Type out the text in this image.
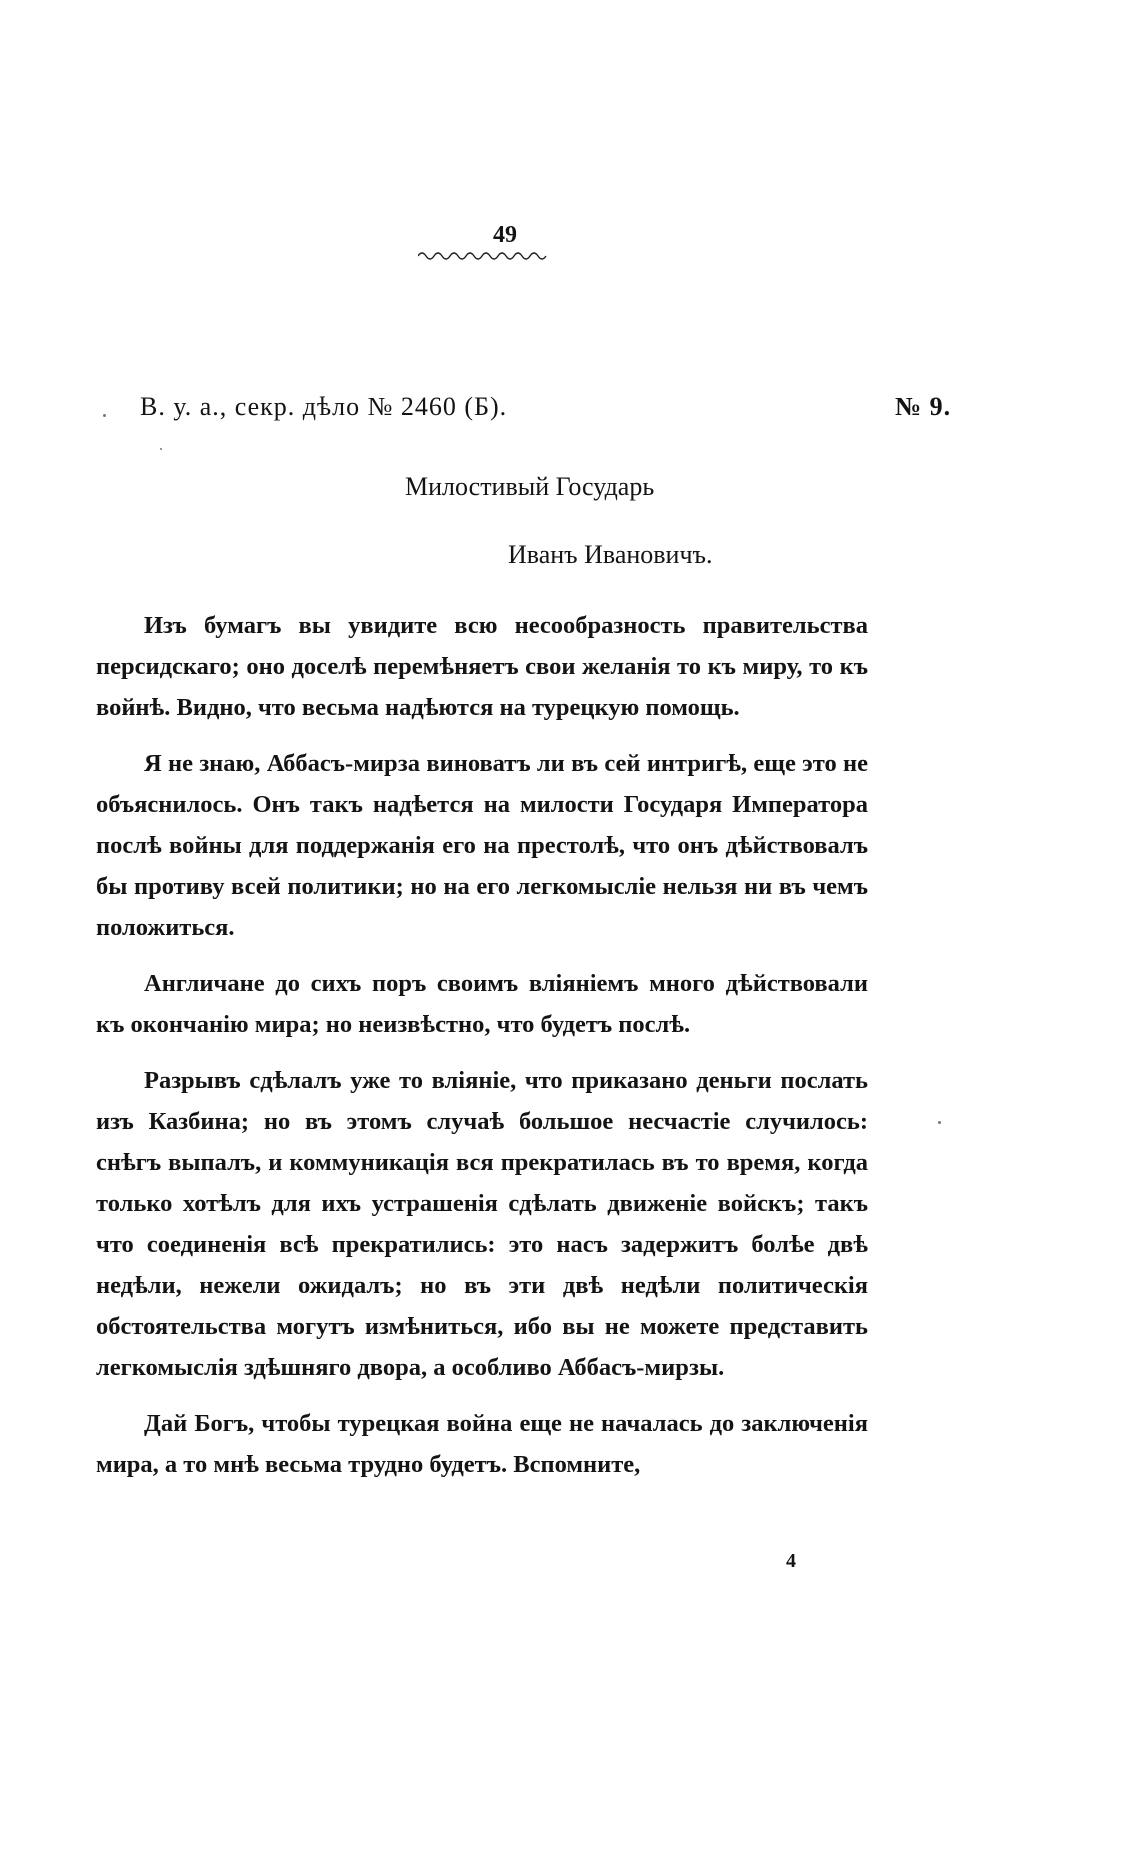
49
В. у. а., секр. дѣло № 2460 (Б).	№ 9.
Милостивый Государь
Иванъ Ивановичъ.

Изъ бумагъ вы увидите всю несообразность правительства персидскаго; оно доселѣ перемѣняетъ свои желанія то къ миру, то къ войнѣ. Видно, что весьма надѣются на турецкую помощь.

Я не знаю, Аббасъ-мирза виноватъ ли въ сей интригѣ, еще это не объяснилось. Онъ такъ надѣется на милости Государя Императора послѣ войны для поддержанія его на престолѣ, что онъ дѣйствовалъ бы противу всей политики; но на его легкомысліе нельзя ни въ чемъ положиться.

Англичане до сихъ поръ своимъ вліяніемъ много дѣйствовали къ окончанію мира; но неизвѣстно, что будетъ послѣ.

Разрывъ сдѣлалъ уже то вліяніе, что приказано деньги послать изъ Казбина; но въ этомъ случаѣ большое несчастіе случилось: снѣгъ выпалъ, и коммуникація вся прекратилась въ то время, когда только хотѣлъ для ихъ устрашенія сдѣлать движеніе войскъ; такъ что соединенія всѣ прекратились: это насъ задержитъ болѣе двѣ недѣли, нежели ожидалъ; но въ эти двѣ недѣли политическія обстоятельства могутъ измѣниться, ибо вы не можете представить легкомыслія здѣшняго двора, а особливо Аббасъ-мирзы.

Дай Богъ, чтобы турецкая война еще не началась до заключенія мира, а то мнѣ весьма трудно будетъ. Вспомните,

4
